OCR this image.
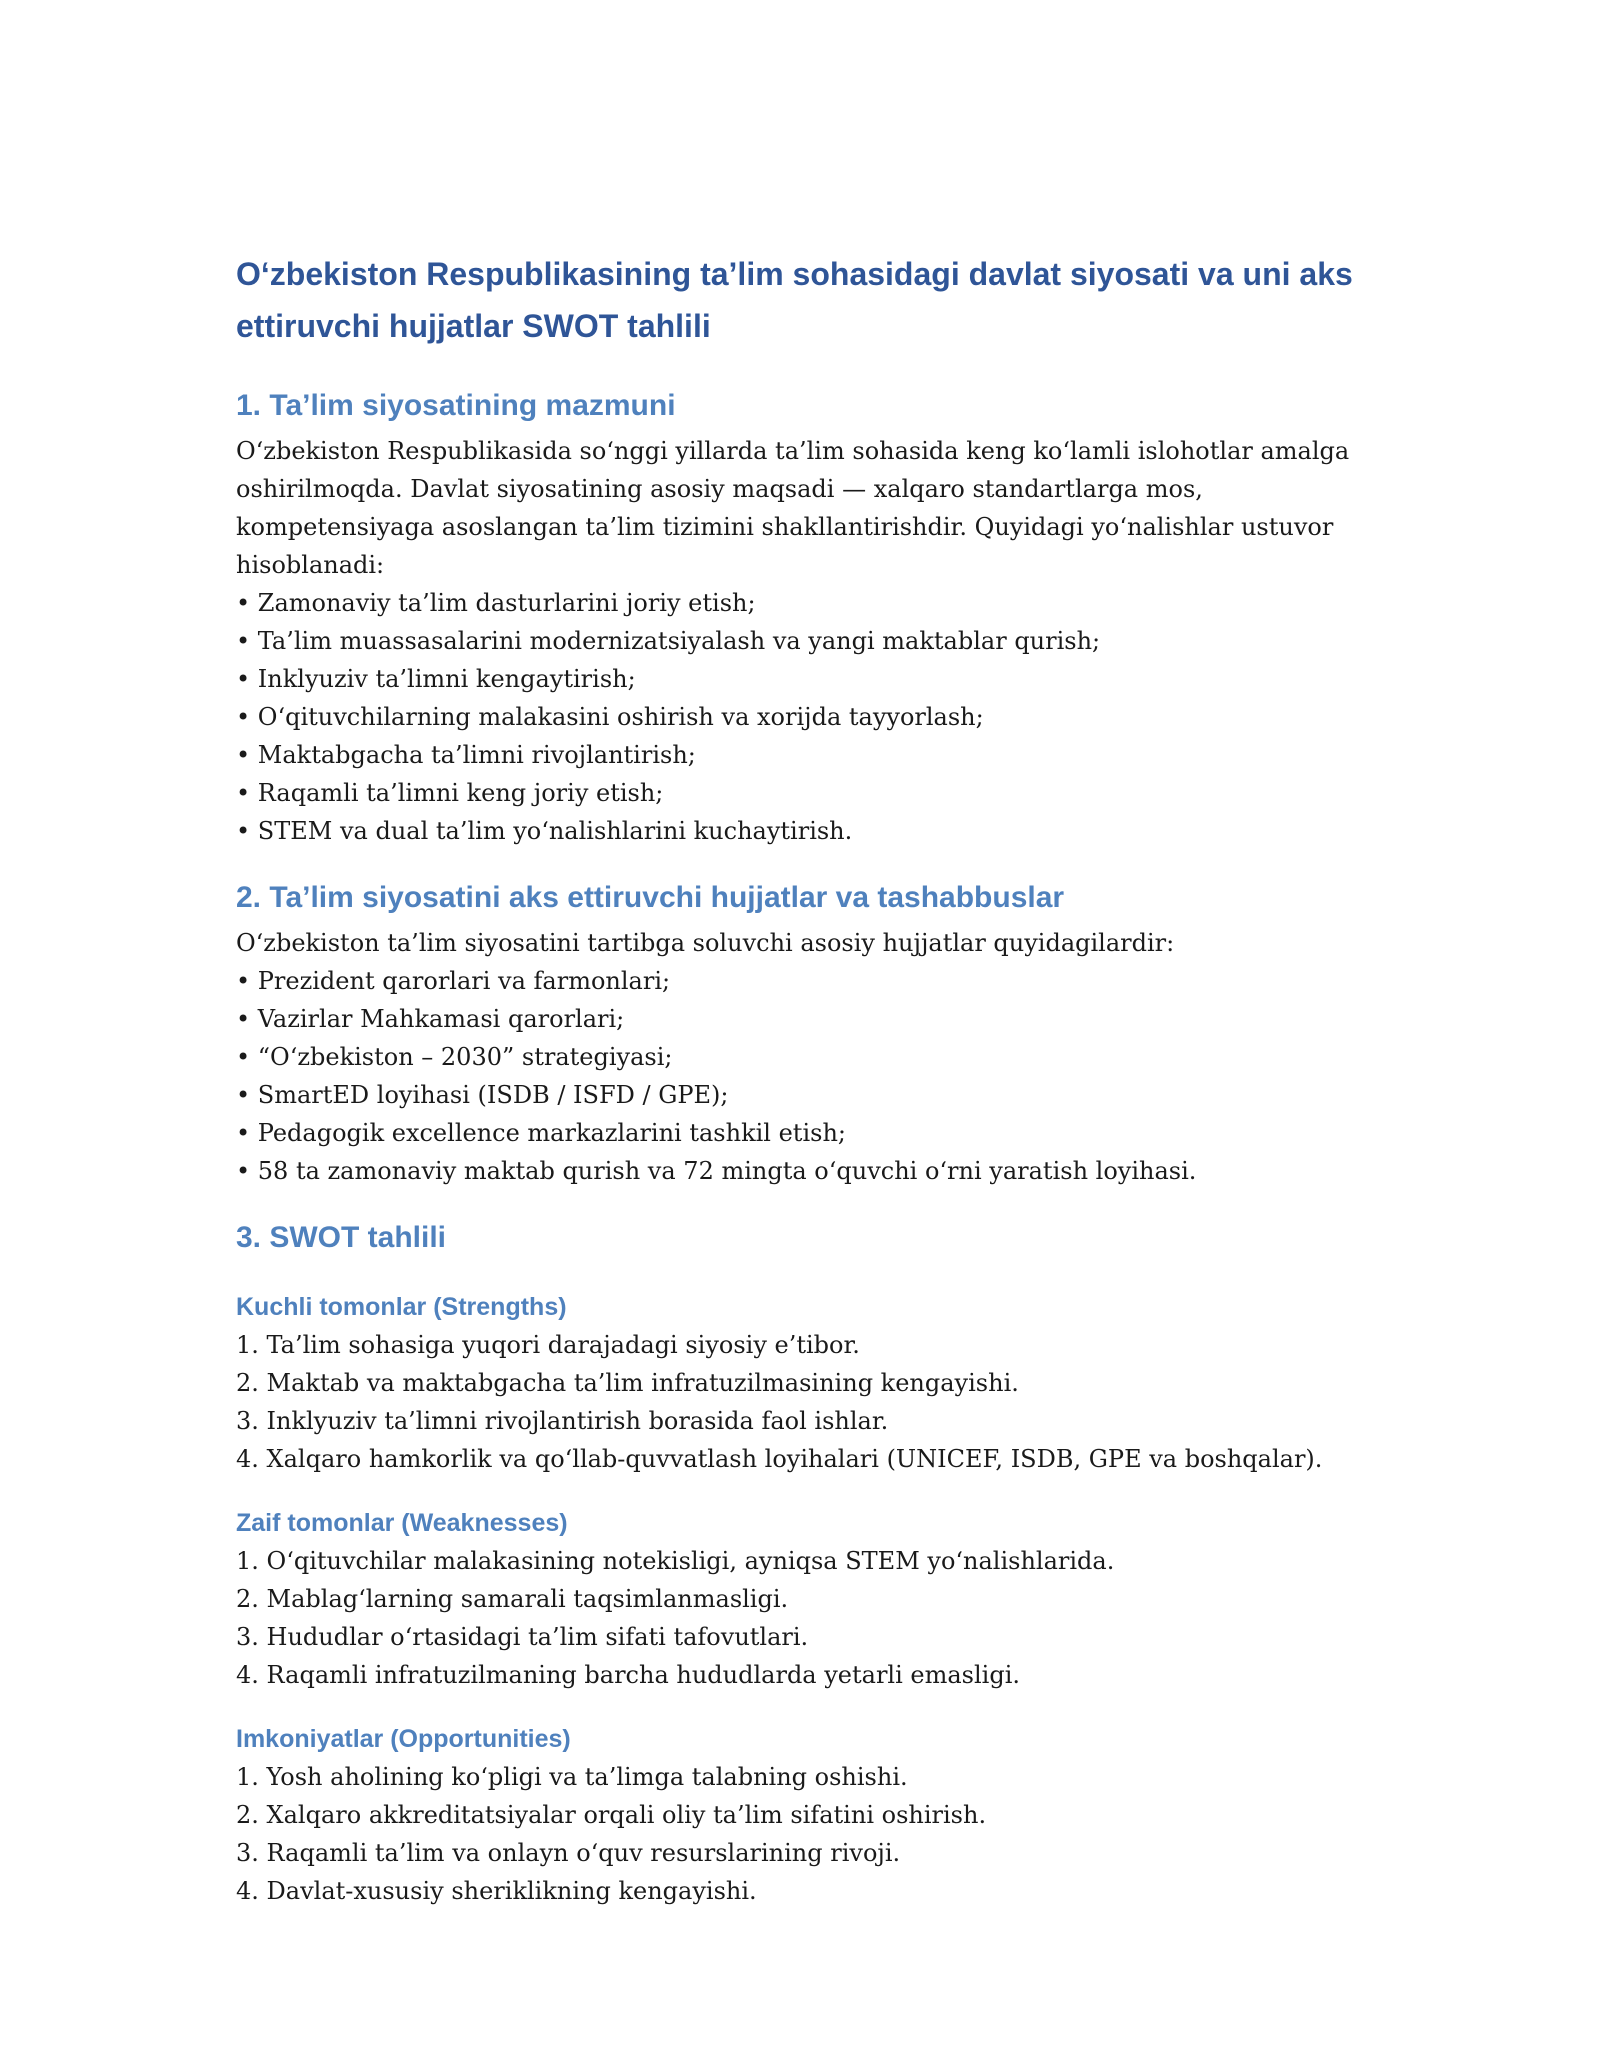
O‘zbekiston Respublikasining ta’lim sohasidagi davlat siyosati va uni aks ettiruvchi hujjatlar SWOT tahlili
1. Ta’lim siyosatining mazmuni

O‘zbekiston Respublikasida so‘nggi yillarda ta’lim sohasida keng ko‘lamli islohotlar amalga oshirilmoqda. Davlat siyosatining asosiy maqsadi — xalqaro standartlarga mos, kompetensiyaga asoslangan ta’lim tizimini shakllantirishdir. Quyidagi yo‘nalishlar ustuvor hisoblanadi:

• Zamonaviy ta’lim dasturlarini joriy etish;
• Ta’lim muassasalarini modernizatsiyalash va yangi maktablar qurish;
• Inklyuziv ta’limni kengaytirish;
• O‘qituvchilarning malakasini oshirish va xorijda tayyorlash;
• Maktabgacha ta’limni rivojlantirish;
• Raqamli ta’limni keng joriy etish;
• STEM va dual ta’lim yo‘nalishlarini kuchaytirish.
2. Ta’lim siyosatini aks ettiruvchi hujjatlar va tashabbuslar

O‘zbekiston ta’lim siyosatini tartibga soluvchi asosiy hujjatlar quyidagilardir:

• Prezident qarorlari va farmonlari;
• Vazirlar Mahkamasi qarorlari;
• “O‘zbekiston – 2030” strategiyasi;
• SmartED loyihasi (ISDB / ISFD / GPE);
• Pedagogik excellence markazlarini tashkil etish;
• 58 ta zamonaviy maktab qurish va 72 mingta o‘quvchi o‘rni yaratish loyihasi.
3. SWOT tahlili
Kuchli tomonlar (Strengths)
1. Ta’lim sohasiga yuqori darajadagi siyosiy e’tibor.
2. Maktab va maktabgacha ta’lim infratuzilmasining kengayishi.
3. Inklyuziv ta’limni rivojlantirish borasida faol ishlar.
4. Xalqaro hamkorlik va qo‘llab-quvvatlash loyihalari (UNICEF, ISDB, GPE va boshqalar).
Zaif tomonlar (Weaknesses)
1. O‘qituvchilar malakasining notekisligi, ayniqsa STEM yo‘nalishlarida.
2. Mablag‘larning samarali taqsimlanmasligi.
3. Hududlar o‘rtasidagi ta’lim sifati tafovutlari.
4. Raqamli infratuzilmaning barcha hududlarda yetarli emasligi.
Imkoniyatlar (Opportunities)
1. Yosh aholining ko‘pligi va ta’limga talabning oshishi.
2. Xalqaro akkreditatsiyalar orqali oliy ta’lim sifatini oshirish.
3. Raqamli ta’lim va onlayn o‘quv resurslarining rivoji.
4. Davlat-xususiy sheriklikning kengayishi.
